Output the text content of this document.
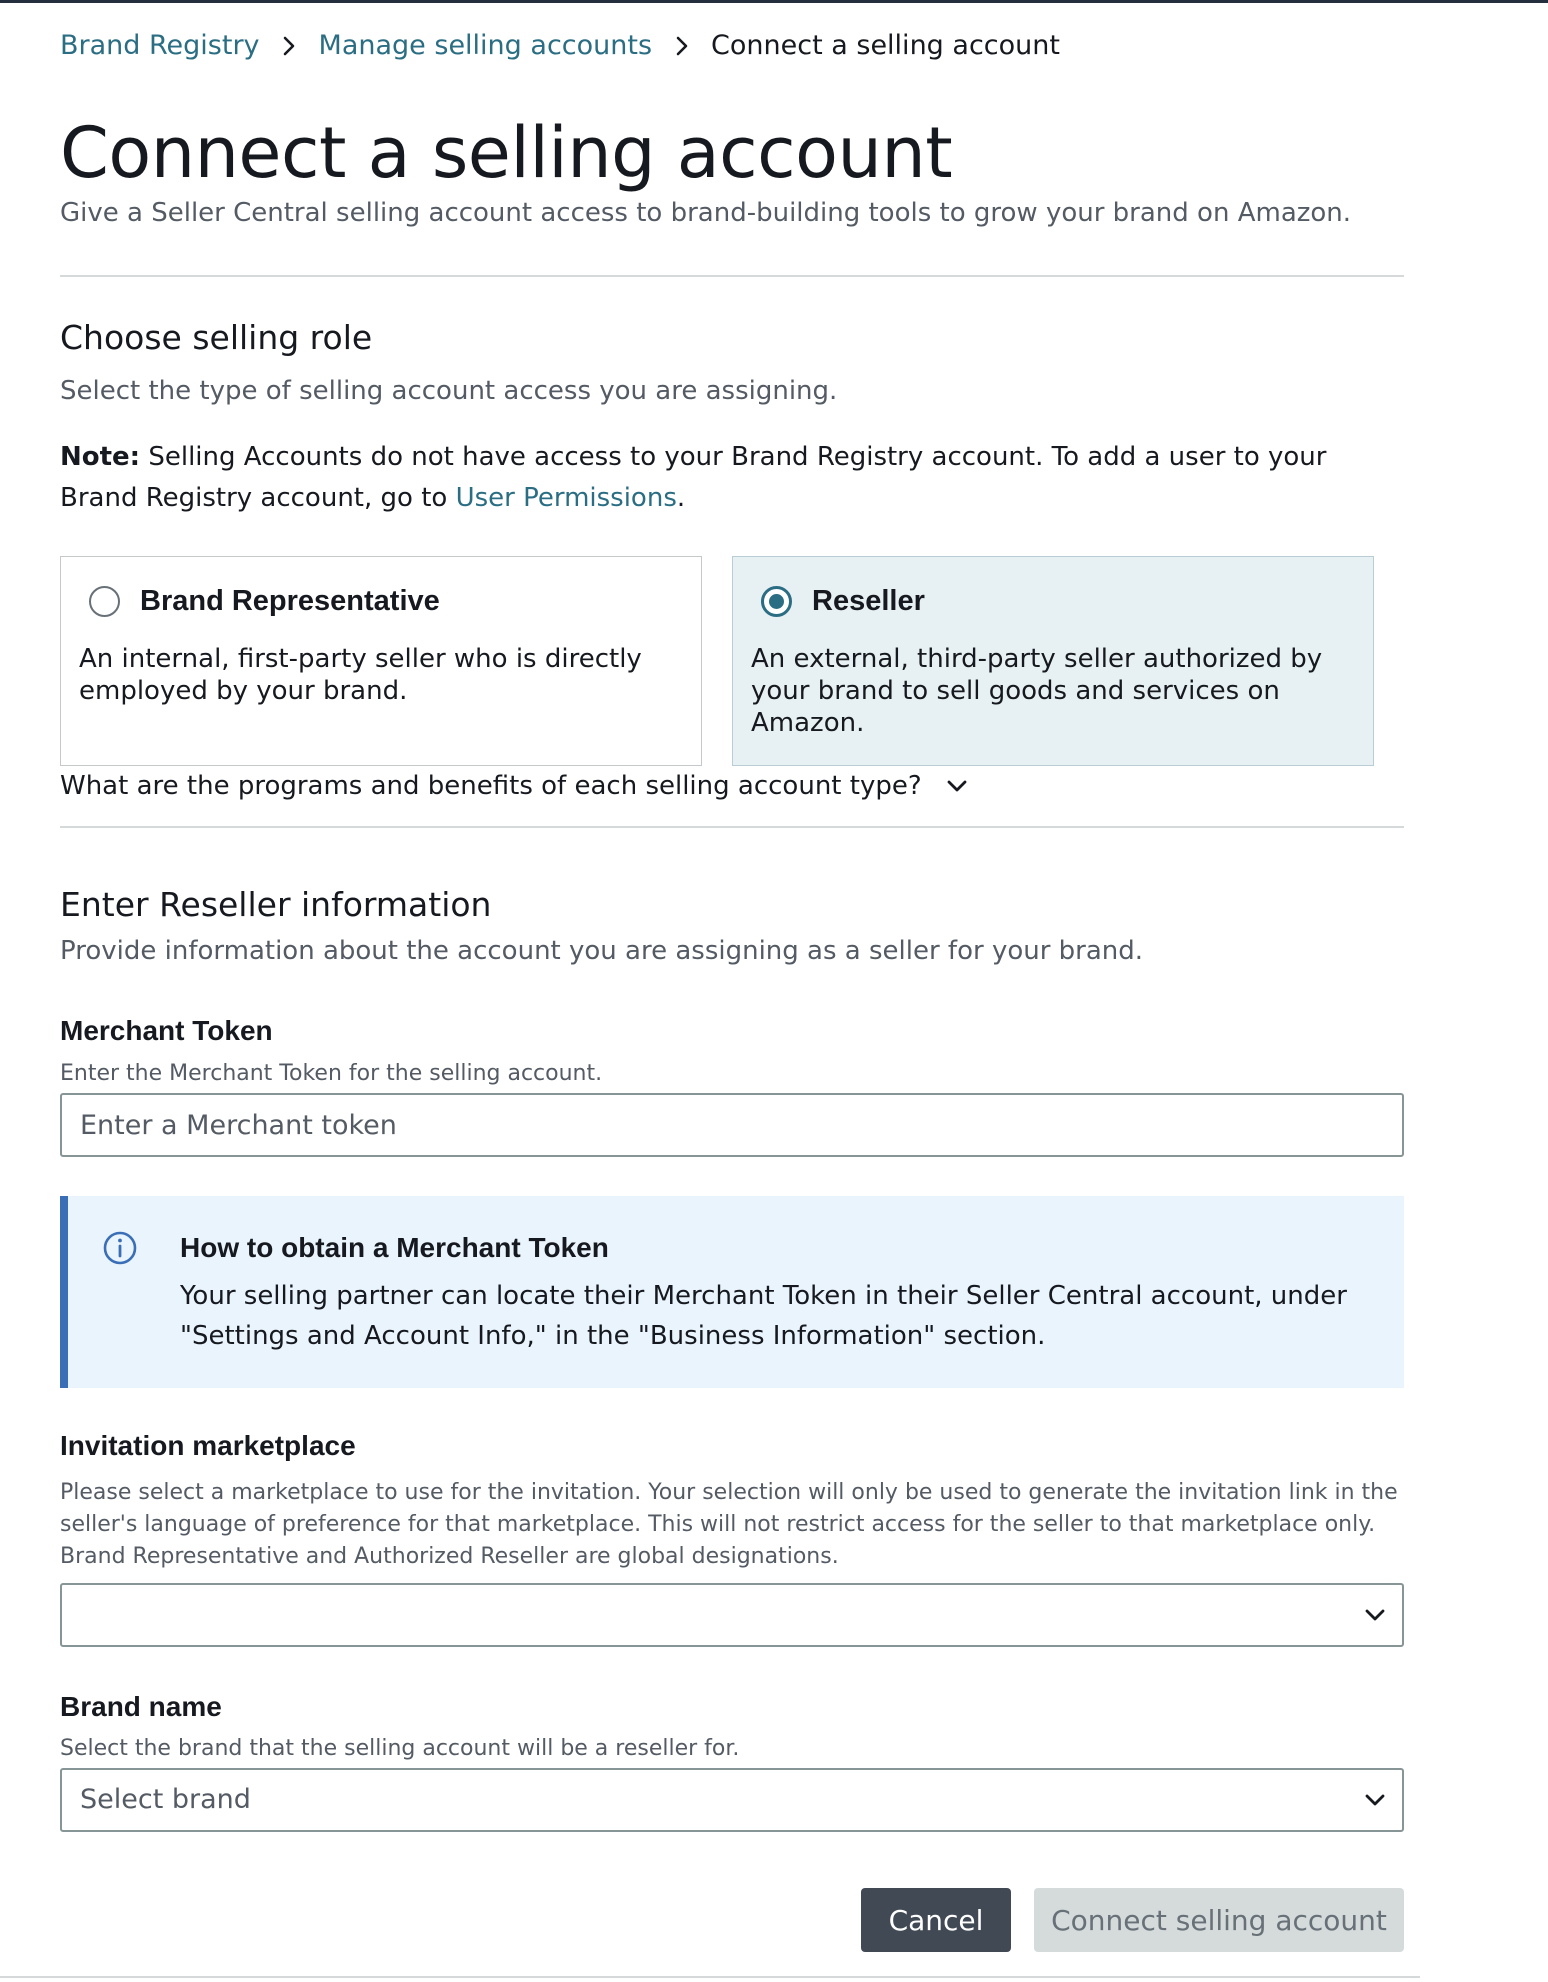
Brand Registry Manage selling accounts Connect a selling account
Connect a selling account
Give a Seller Central selling account access to brand-building tools to grow your brand on Amazon.
Choose selling role
Select the type of selling account access you are assigning.
Note: Selling Accounts do not have access to your Brand Registry account. To add a user to your Brand Registry account, go to User Permissions.
Brand Representative
An internal, first-party seller who is directly employed by your brand.
Reseller
An external, third-party seller authorized by your brand to sell goods and services on Amazon.
What are the programs and benefits of each selling account type?
Enter Reseller information
Provide information about the account you are assigning as a seller for your brand.
Merchant Token
Enter the Merchant Token for the selling account.
Enter a Merchant token
How to obtain a Merchant Token
Your selling partner can locate their Merchant Token in their Seller Central account, under "Settings and Account Info," in the "Business Information" section.
Invitation marketplace
Please select a marketplace to use for the invitation. Your selection will only be used to generate the invitation link in the seller's language of preference for that marketplace. This will not restrict access for the seller to that marketplace only. Brand Representative and Authorized Reseller are global designations.
Brand name
Select the brand that the selling account will be a reseller for.
Select brand
Cancel	Connect selling account
